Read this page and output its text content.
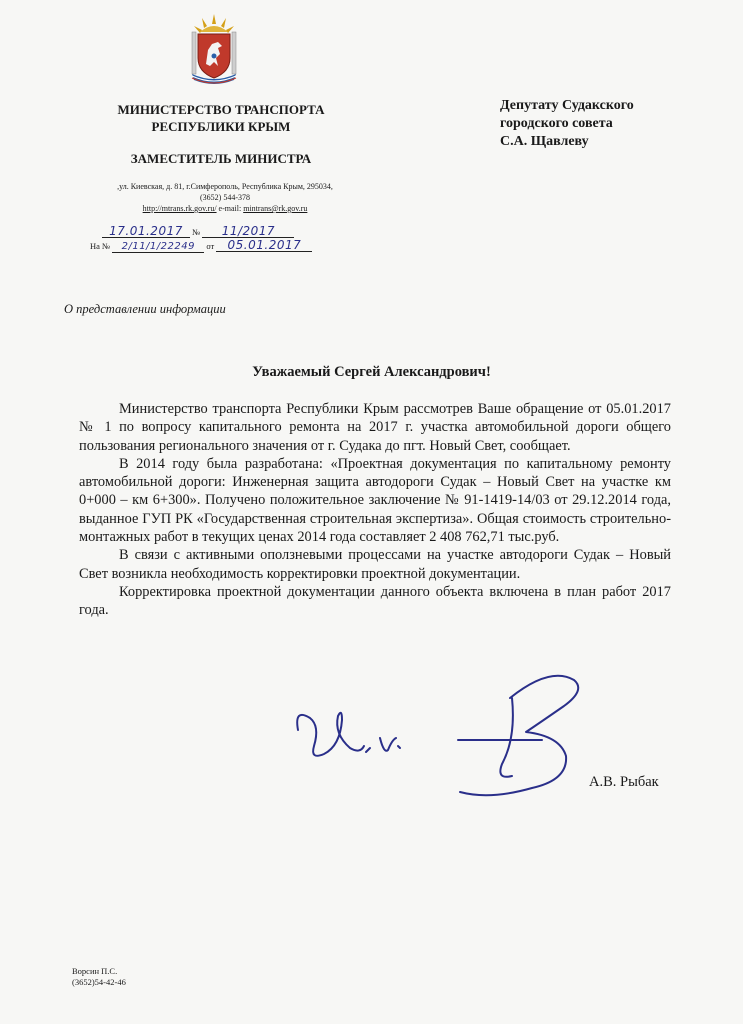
МИНИСТЕРСТВО ТРАНСПОРТА
РЕСПУБЛИКИ КРЫМ
ЗАМЕСТИТЕЛЬ МИНИСТРА
,ул. Киевская, д. 81, г.Симферополь, Республика Крым, 295034,
(3652) 544-378
http://mtrans.rk.gov.ru/ e-mail: mintrans@rk.gov.ru
17.01.2017 № 11/2017
На № 2/11/1/22249 от 05.01.2017
Депутату Судакского
городского совета
С.А. Щавлеву
О представлении информации
Уважаемый Сергей Александрович!

Министерство транспорта Республики Крым рассмотрев Ваше обращение от 05.01.2017 № 1 по вопросу капитального ремонта на 2017 г. участка автомобильной дороги общего пользования регионального значения от г. Судака до пгт. Новый Свет, сообщает.

В 2014 году была разработана: «Проектная документация по капитальному ремонту автомобильной дороги: Инженерная защита автодороги Судак – Новый Свет на участке км 0+000 – км 6+300». Получено положительное заключение № 91-1419-14/03 от 29.12.2014 года, выданное ГУП РК «Государственная строительная экспертиза». Общая стоимость строительно-монтажных работ в текущих ценах 2014 года составляет 2 408 762,71 тыс.руб.

В связи с активными оползневыми процессами на участке автодороги Судак – Новый Свет возникла необходимость корректировки проектной документации.

Корректировка проектной документации данного объекта включена в план работ 2017 года.

А.В. Рыбак
Ворсин П.С.
(3652)54-42-46
